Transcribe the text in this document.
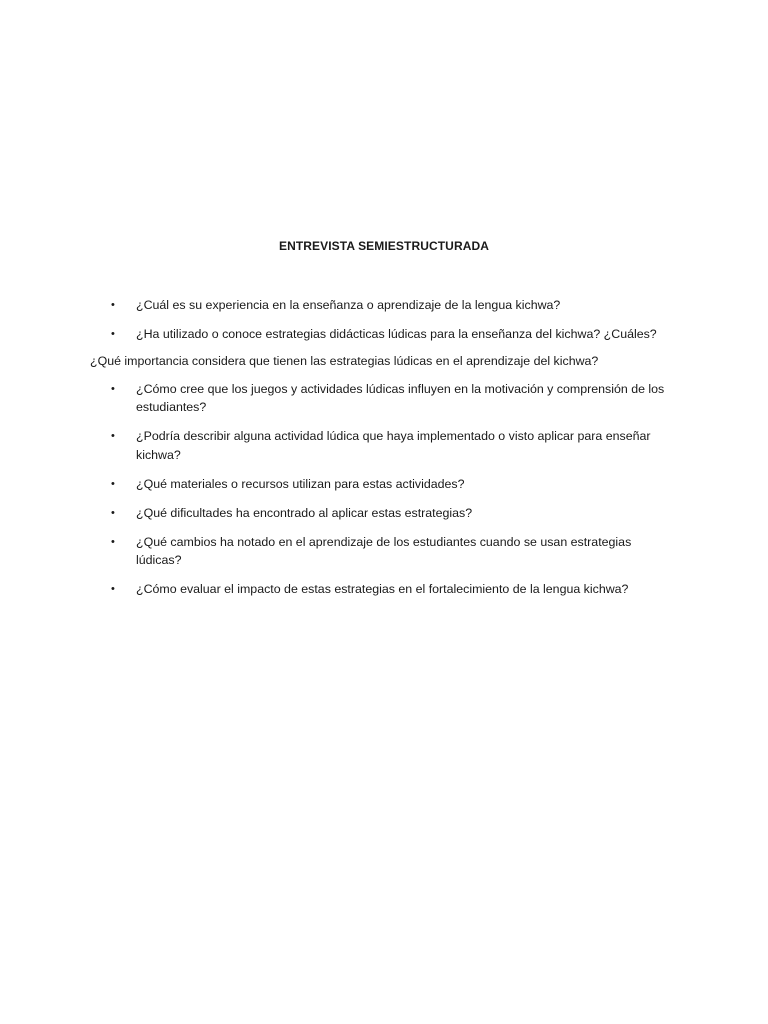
ENTREVISTA SEMIESTRUCTURADA
• ¿Cuál es su experiencia en la enseñanza o aprendizaje de la lengua kichwa?
• ¿Ha utilizado o conoce estrategias didácticas lúdicas para la enseñanza del kichwa? ¿Cuáles?

¿Qué importancia considera que tienen las estrategias lúdicas en el aprendizaje del kichwa?

• ¿Cómo cree que los juegos y actividades lúdicas influyen en la motivación y comprensión de los estudiantes?
• ¿Podría describir alguna actividad lúdica que haya implementado o visto aplicar para enseñar kichwa?
• ¿Qué materiales o recursos utilizan para estas actividades?
• ¿Qué dificultades ha encontrado al aplicar estas estrategias?
• ¿Qué cambios ha notado en el aprendizaje de los estudiantes cuando se usan estrategias lúdicas?
• ¿Cómo evaluar el impacto de estas estrategias en el fortalecimiento de la lengua kichwa?
